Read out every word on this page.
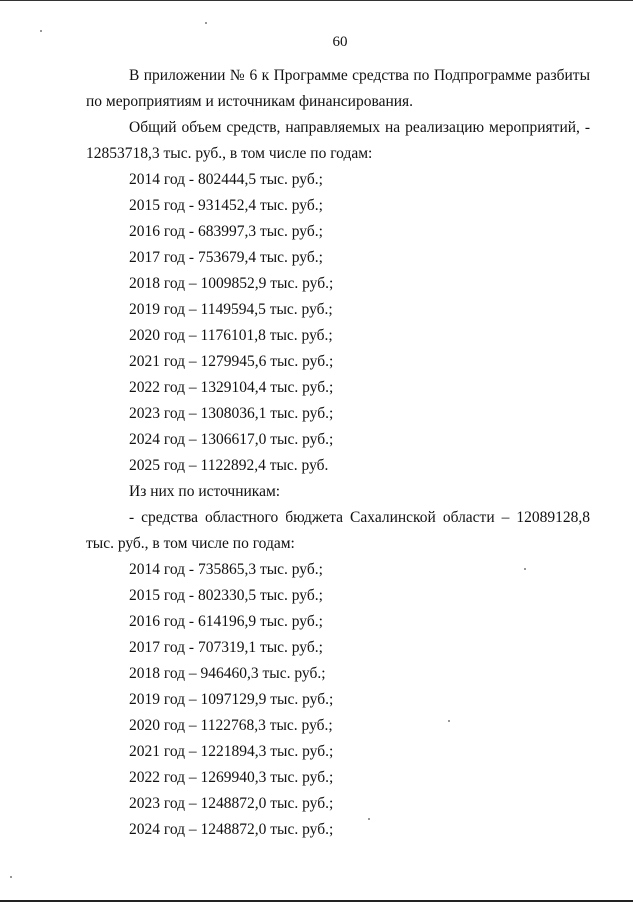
60

В приложении № 6 к Программе средства по Подпрограмме разбиты по мероприятиям и источникам финансирования.

Общий объем средств, направляемых на реализацию мероприятий, - 12853718,3 тыс. руб., в том числе по годам:

2014 год - 802444,5 тыс. руб.;
2015 год - 931452,4 тыс. руб.;
2016 год - 683997,3 тыс. руб.;
2017 год - 753679,4 тыс. руб.;
2018 год – 1009852,9 тыс. руб.;
2019 год – 1149594,5 тыс. руб.;
2020 год – 1176101,8 тыс. руб.;
2021 год – 1279945,6 тыс. руб.;
2022 год – 1329104,4 тыс. руб.;
2023 год – 1308036,1 тыс. руб.;
2024 год – 1306617,0 тыс. руб.;
2025 год – 1122892,4 тыс. руб.

Из них по источникам:

- средства областного бюджета Сахалинской области – 12089128,8 тыс. руб., в том числе по годам:

2014 год - 735865,3 тыс. руб.;
2015 год - 802330,5 тыс. руб.;
2016 год - 614196,9 тыс. руб.;
2017 год - 707319,1 тыс. руб.;
2018 год – 946460,3 тыс. руб.;
2019 год – 1097129,9 тыс. руб.;
2020 год – 1122768,3 тыс. руб.;
2021 год – 1221894,3 тыс. руб.;
2022 год – 1269940,3 тыс. руб.;
2023 год – 1248872,0 тыс. руб.;
2024 год – 1248872,0 тыс. руб.;
